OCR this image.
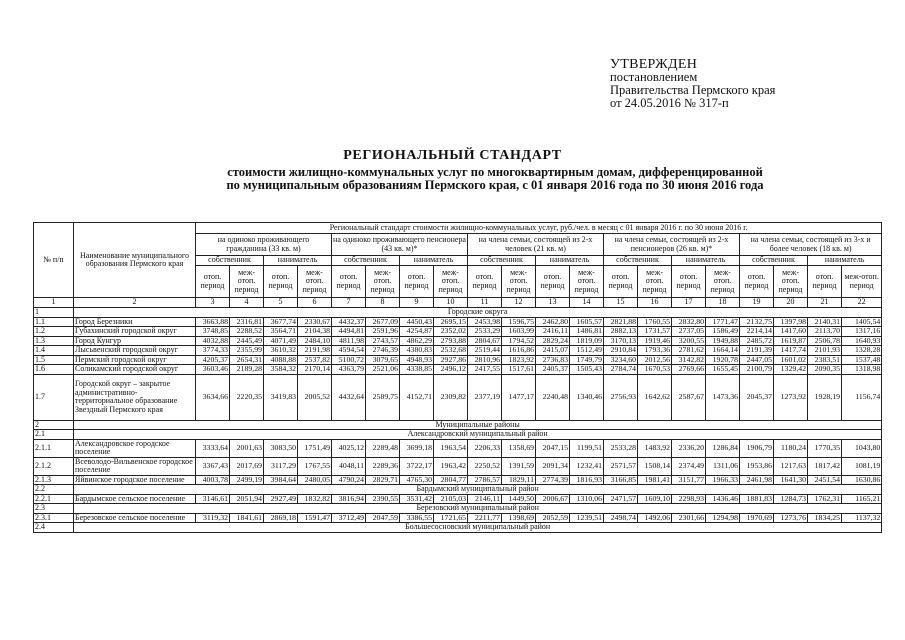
УТВЕРЖДЕН
постановлением
Правительства Пермского края
от 24.05.2016 № 317-п
РЕГИОНАЛЬНЫЙ СТАНДАРТ
стоимости жилищно-коммунальных услуг по многоквартирным домам, дифференцированной
по муниципальным образованиям Пермского края, с 01 января 2016 года по 30 июня 2016 года
№ п/п	Наименование муниципального образования Пермского края	Региональный стандарт стоимости жилищно-коммунальных услуг, руб./чел. в месяц с 01 января 2016 г. по 30 июня 2016 г.																			
		на одиноко проживающего гражданина (33 кв. м)				на одиноко проживающего пенсионера (43 кв. м)*				на члена семьи, состоящей из 2-х человек (21 кв. м)				на члена семьи, состоящей из 2-х пенсионеров (26 кв. м)*				на члена семьи, состоящей из 3-х и более человек (18 кв. м)			
		собственник		наниматель		собственник		наниматель		собственник		наниматель		собственник		наниматель		собственник		наниматель	
		отоп. период	меж-отоп. период	отоп. период	меж-отоп. период	отоп. период	меж-отоп. период	отоп. период	меж-отоп. период	отоп. период	меж-отоп. период	отоп. период	меж-отоп. период	отоп. период	меж-отоп. период	отоп. период	меж-отоп. период	отоп. период	меж-отоп. период	отоп. период	меж-отоп. период
1	2	3	4	5	6	7	8	9	10	11	12	13	14	15	16	17	18	19	20	21	22
1	Городские округа																				
1.1	Город Березники	3663,88	2316,81	3677,74	2330,67	4432,37	2677,09	4450,43	2695,15	2453,98	1596,75	2462,80	1605,57	2821,88	1760,55	2832,80	1771,47	2132,75	1397,98	2140,31	1405,54
1.2	Губахинский городской округ	3748,85	2288,52	3564,71	2104,38	4494,81	2591,96	4254,87	2352,02	2533,29	1603,99	2416,11	1486,81	2882,13	1731,57	2737,05	1586,49	2214,14	1417,60	2113,70	1317,16
1.3	Город Кунгур	4032,88	2445,49	4071,49	2484,10	4811,98	2743,57	4862,29	2793,88	2804,67	1794,52	2829,24	1819,09	3170,13	1919,46	3200,55	1949,88	2485,72	1619,87	2506,78	1640,93
1.4	Лысьвенский городской округ	3774,33	2355,99	3610,32	2191,98	4594,54	2746,39	4380,83	2532,68	2519,44	1616,86	2415,07	1512,49	2910,84	1793,36	2781,62	1664,14	2191,39	1417,74	2101,93	1328,28
1.5	Пермский городской округ	4205,37	2654,31	4088,88	2537,82	5100,72	3079,65	4948,93	2927,86	2810,96	1823,92	2736,83	1749,79	3234,60	2012,56	3142,82	1920,78	2447,05	1601,02	2383,51	1537,48
1.6	Соликамский городской округ	3603,46	2189,28	3584,32	2170,14	4363,79	2521,06	4338,85	2496,12	2417,55	1517,61	2405,37	1505,43	2784,74	1670,53	2769,66	1655,45	2100,79	1329,42	2090,35	1318,98
1.7	Городской округ – закрытое административно-территориальное образование Звездный Пермского края	3634,66	2220,35	3419,83	2005,52	4432,64	2589,75	4152,71	2309,82	2377,19	1477,17	2240,48	1340,46	2756,93	1642,62	2587,67	1473,36	2045,37	1273,92	1928,19	1156,74
2	Муниципальные районы																				
2.1	Александровский муниципальный район																				
2.1.1	Александровское городское поселение	3333,64	2001,63	3083,50	1751,49	4025,12	2289,48	3699,18	1963,54	2206,33	1358,69	2047,15	1199,51	2533,28	1483,92	2336,20	1286,84	1906,79	1180,24	1770,35	1043,80
2.1.2	Всеволодо-Вильвенское городское поселение	3367,43	2017,69	3117,29	1767,55	4048,11	2289,36	3722,17	1963,42	2250,52	1391,59	2091,34	1232,41	2571,57	1508,14	2374,49	1311,06	1953,86	1217,63	1817,42	1081,19
2.1.3	Яйвинское городское поселение	4003,78	2499,19	3984,64	2480,05	4790,24	2829,71	4765,30	2804,77	2786,57	1829,11	2774,39	1816,93	3166,85	1981,41	3151,77	1966,33	2461,98	1641,30	2451,54	1630,86
2.2	Бардымский муниципальный район																				
2.2.1	Бардымское сельское поселение	3146,61	2051,94	2927,49	1832,82	3816,94	2390,55	3531,42	2105,03	2146,11	1449,50	2006,67	1310,06	2471,57	1609,10	2298,93	1436,46	1881,83	1284,73	1762,31	1165,21
2.3	Березовский муниципальный район																				
2.3.1	Березовское сельское поселение	3119,32	1841,61	2869,18	1591,47	3712,49	2047,59	3386,55	1721,65	2211,77	1398,69	2052,59	1239,51	2498,74	1492,06	2301,66	1294,98	1970,69	1273,76	1834,25	1137,32
2.4	Большесосновский муниципальный район																				
